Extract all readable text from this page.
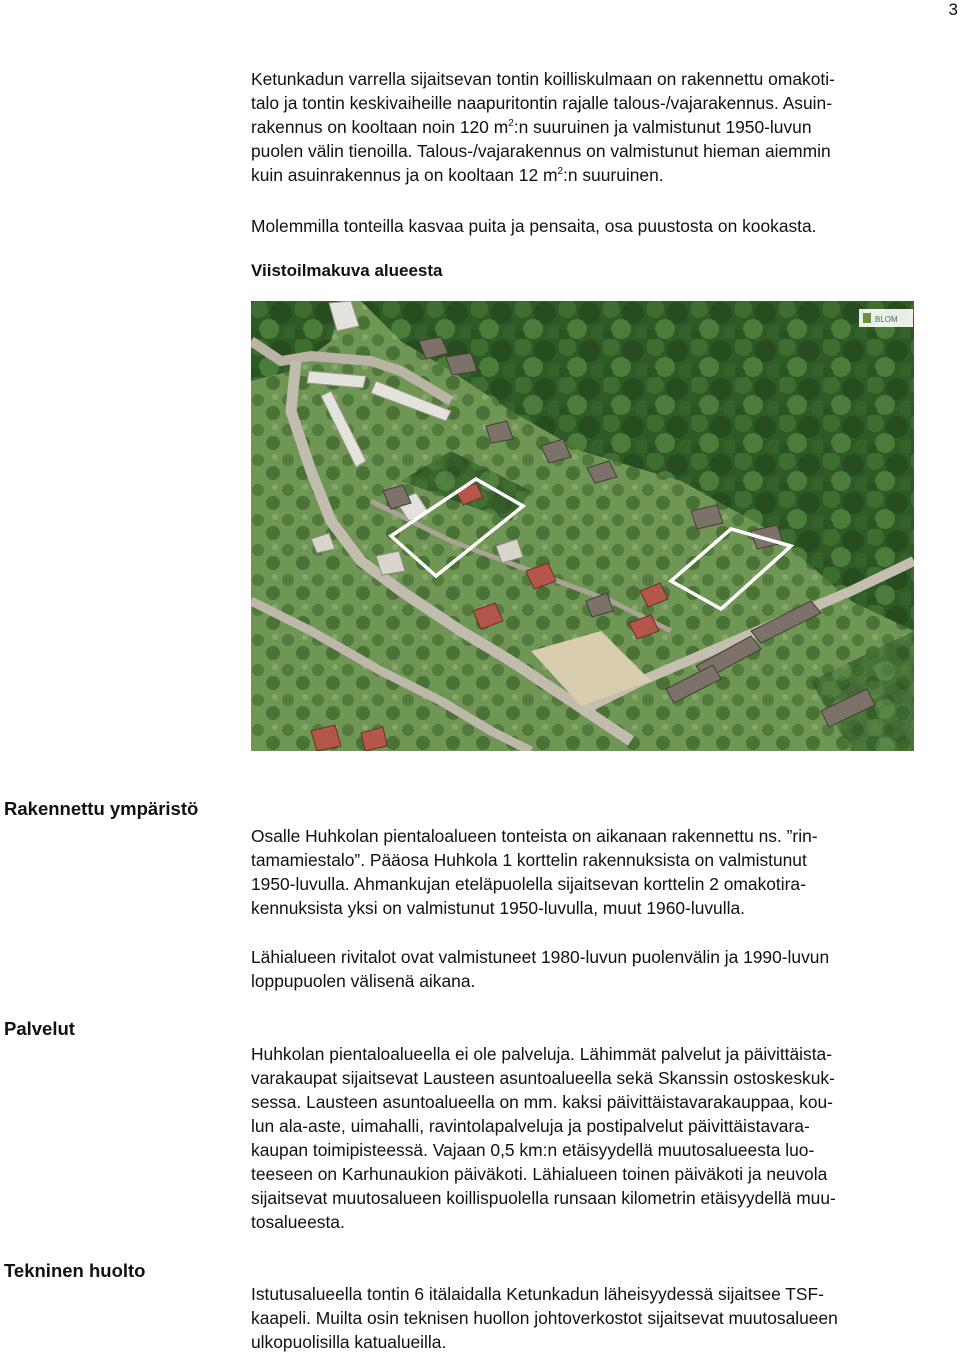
3

Ketunkadun varrella sijaitsevan tontin koilliskulmaan on rakennettu omakoti-
talo ja tontin keskivaiheille naapuritontin rajalle talous-/vajarakennus. Asuin-
rakennus on kooltaan noin 120 $m^2:n$ suuruinen ja valmistunut 1950-luvun
puolen välin tienoilla. Talous-/vajarakennus on valmistunut hieman aiemmin
kuin asuinrakennus ja on kooltaan 12 $m^2:n$ suuruinen.

Molemmilla tonteilla kasvaa puita ja pensaita, osa puustosta on kookasta.

Viistoilmakuva alueesta
BLOM
Rakennettu ympäristö

Osalle Huhkolan pientaloalueen tonteista on aikanaan rakennettu ns. ”rin-
tamamiestalo”. Pääosa Huhkola 1 korttelin rakennuksista on valmistunut
1950-luvulla. Ahmankujan eteläpuolella sijaitsevan korttelin 2 omakotira-
kennuksista yksi on valmistunut 1950-luvulla, muut 1960-luvulla.

Lähialueen rivitalot ovat valmistuneet 1980-luvun puolenvälin ja 1990-luvun
loppupuolen välisenä aikana.

Palvelut

Huhkolan pientaloalueella ei ole palveluja. Lähimmät palvelut ja päivittäista-
varakaupat sijaitsevat Lausteen asuntoalueella sekä Skanssin ostoskeskuk-
sessa. Lausteen asuntoalueella on mm. kaksi päivittäistavarakauppaa, kou-
lun ala-aste, uimahalli, ravintolapalveluja ja postipalvelut päivittäistavara-
kaupan toimipisteessä. Vajaan 0,5 km:n etäisyydellä muutosalueesta luo-
teeseen on Karhunaukion päiväkoti. Lähialueen toinen päiväkoti ja neuvola
sijaitsevat muutosalueen koillispuolella runsaan kilometrin etäisyydellä muu-
tosalueesta.

Tekninen huolto

Istutusalueella tontin 6 itälaidalla Ketunkadun läheisyydessä sijaitsee TSF-
kaapeli. Muilta osin teknisen huollon johtoverkostot sijaitsevat muutosalueen
ulkopuolisilla katualueilla.
